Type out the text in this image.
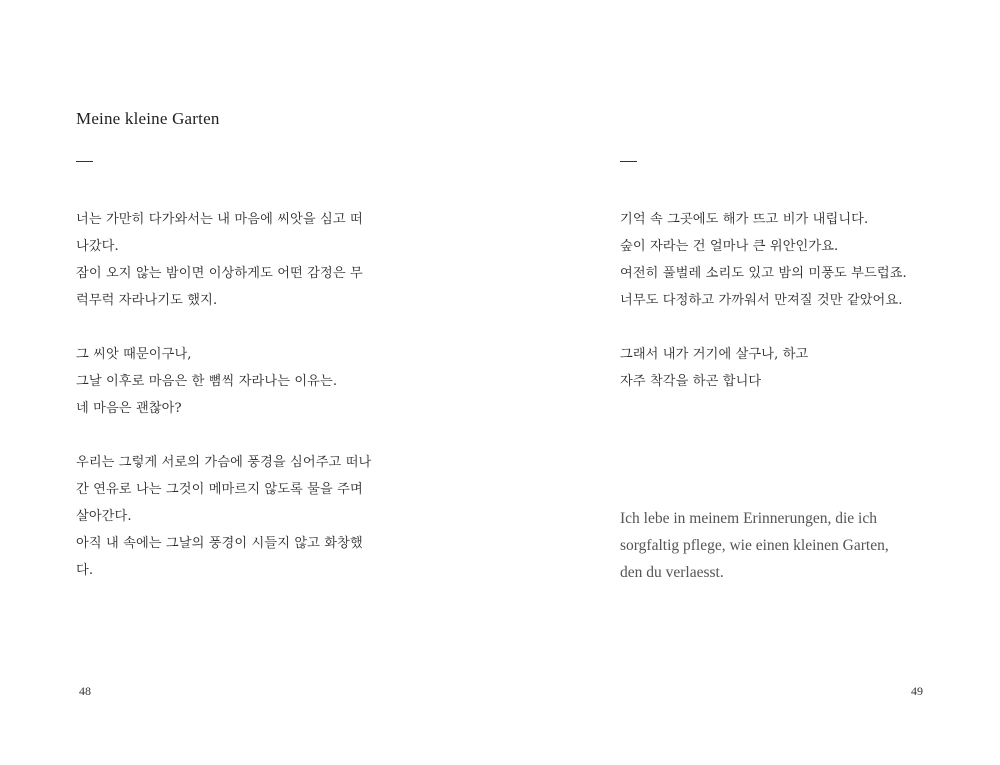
Meine kleine Garten

너는 가만히 다가와서는 내 마음에 씨앗을 심고 떠
나갔다.
잠이 오지 않는 밤이면 이상하게도 어떤 감정은 무
럭무럭 자라나기도 했지.

그 씨앗 때문이구나,
그날 이후로 마음은 한 뼘씩 자라나는 이유는.
네 마음은 괜찮아?

우리는 그렇게 서로의 가슴에 풍경을 심어주고 떠나
간 연유로 나는 그것이 메마르지 않도록 물을 주며
살아간다.
아직 내 속에는 그날의 풍경이 시들지 않고 화창했
다.

48

기억 속 그곳에도 해가 뜨고 비가 내립니다.
숲이 자라는 건 얼마나 큰 위안인가요.
여전히 풀벌레 소리도 있고 밤의 미풍도 부드럽죠.
너무도 다정하고 가까워서 만져질 것만 같았어요.

그래서 내가 거기에 살구나, 하고
자주 착각을 하곤 합니다

Ich lebe in meinem Erinnerungen, die ich
sorgfaltig pflege, wie einen kleinen Garten,
den du verlaesst.

49
